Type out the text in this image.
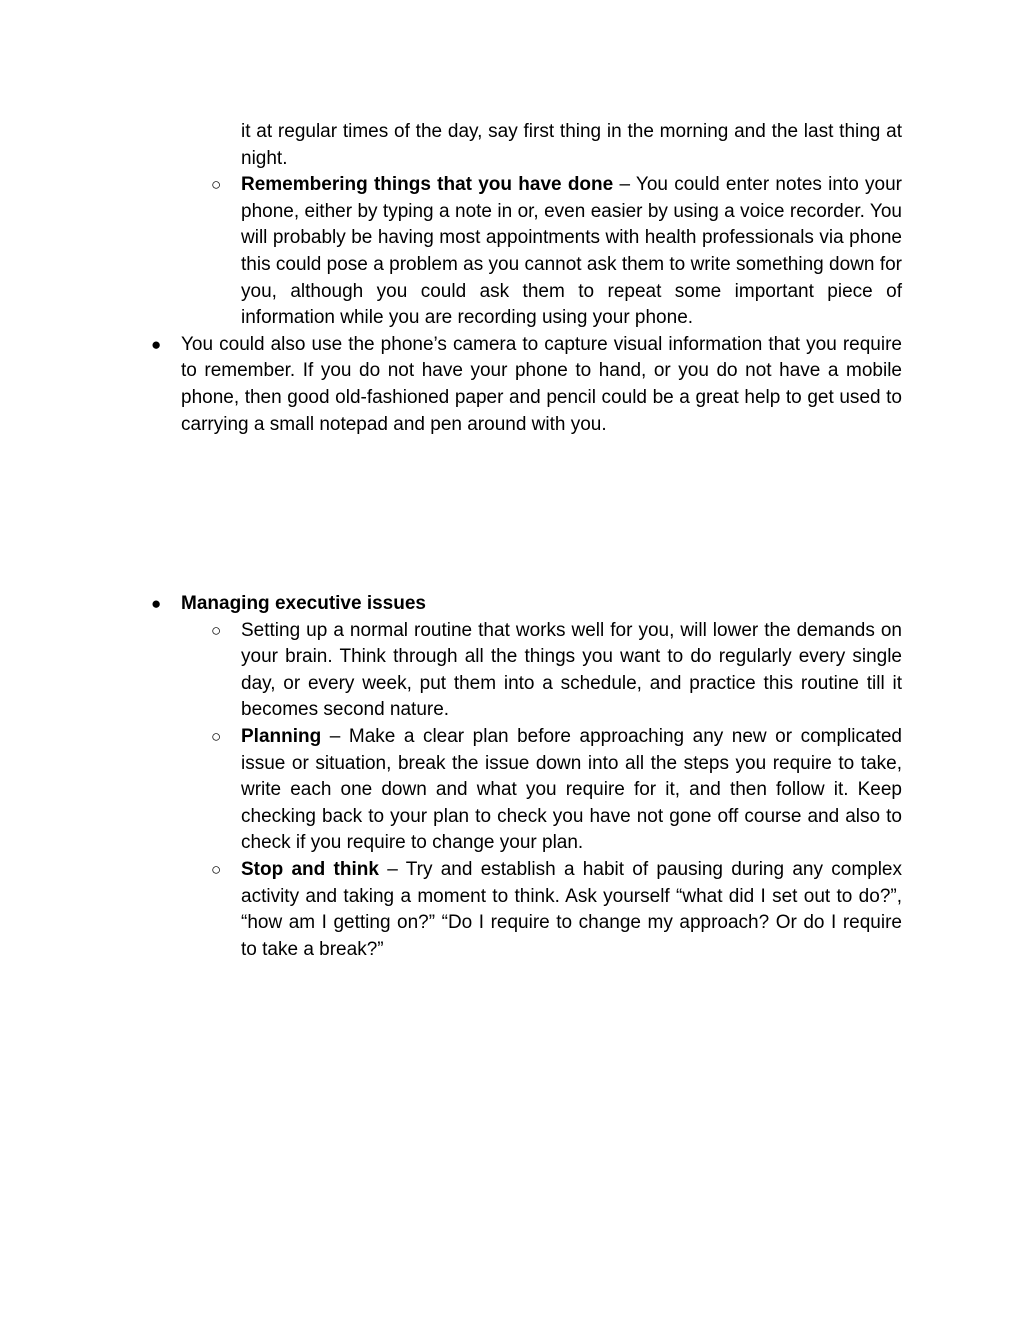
it at regular times of the day, say first thing in the morning and the last thing at night.

○ Remembering things that you have done – You could enter notes into your phone, either by typing a note in or, even easier by using a voice recorder. You will probably be having most appointments with health professionals via phone this could pose a problem as you cannot ask them to write something down for you, although you could ask them to repeat some important piece of information while you are recording using your phone.

● You could also use the phone’s camera to capture visual information that you require to remember. If you do not have your phone to hand, or you do not have a mobile phone, then good old-fashioned paper and pencil could be a great help to get used to carrying a small notepad and pen around with you.

● Managing executive issues

○ Setting up a normal routine that works well for you, will lower the demands on your brain. Think through all the things you want to do regularly every single day, or every week, put them into a schedule, and practice this routine till it becomes second nature.

○ Planning – Make a clear plan before approaching any new or complicated issue or situation, break the issue down into all the steps you require to take, write each one down and what you require for it, and then follow it. Keep checking back to your plan to check you have not gone off course and also to check if you require to change your plan.

○ Stop and think – Try and establish a habit of pausing during any complex activity and taking a moment to think. Ask yourself “what did I set out to do?”, “how am I getting on?” “Do I require to change my approach? Or do I require to take a break?”
